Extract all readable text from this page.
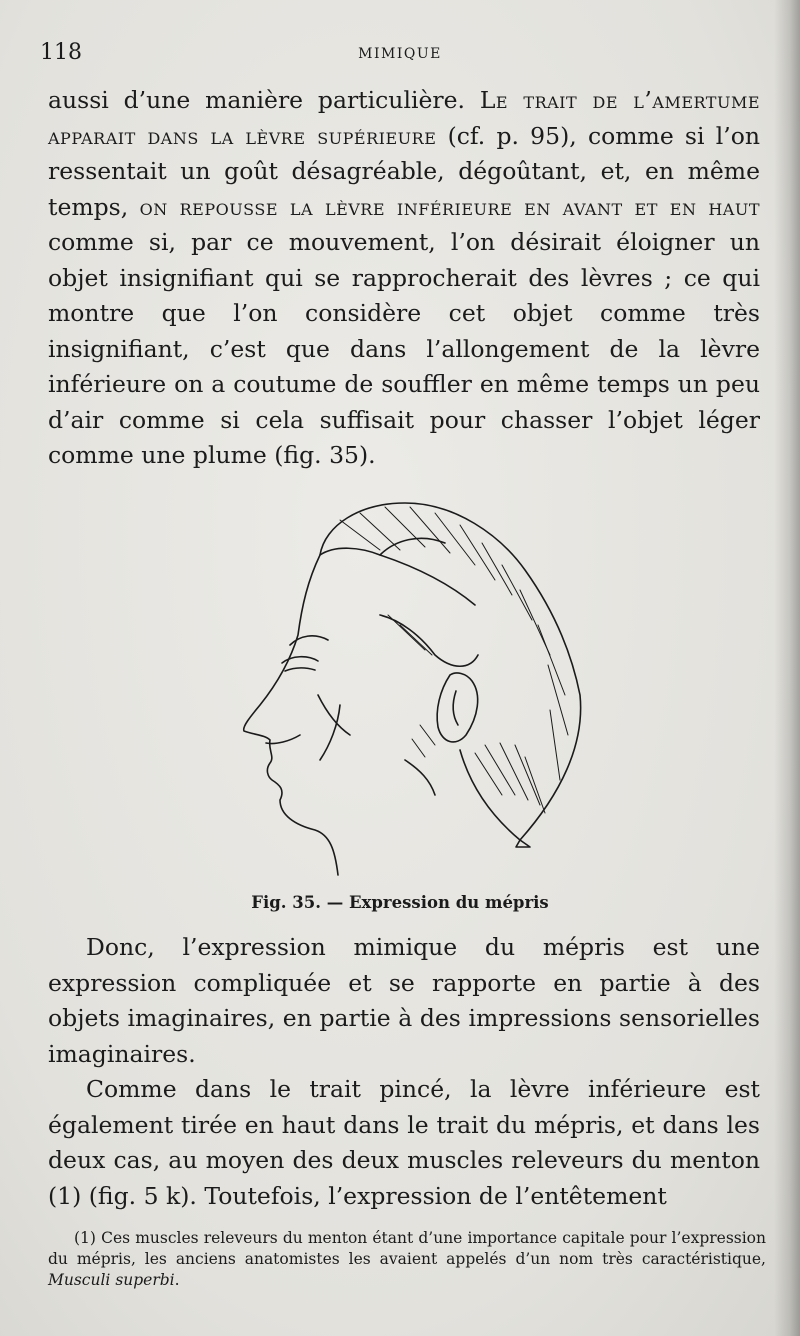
118	MIMIQUE

aussi d’une manière particulière. Le trait de l’amertume apparait dans la lèvre supérieure (cf. p. 95), comme si l’on ressentait un goût désagréable, dégoûtant, et, en même temps, on repousse la lèvre inférieure en avant et en haut comme si, par ce mouvement, l’on désirait éloigner un objet insignifiant qui se rapprocherait des lèvres ; ce qui montre que l’on considère cet objet comme très insignifiant, c’est que dans l’allongement de la lèvre inférieure on a coutume de souffler en même temps un peu d’air comme si cela suffisait pour chasser l’objet léger comme une plume (fig. 35).

Fig. 35. — Expression du mépris

Donc, l’expression mimique du mépris est une expression compliquée et se rapporte en partie à des objets imaginaires, en partie à des impressions sensorielles imaginaires.

Comme dans le trait pincé, la lèvre inférieure est également tirée en haut dans le trait du mépris, et dans les deux cas, au moyen des deux muscles releveurs du menton (1) (fig. 5 k). Toutefois, l’expression de l’entêtement

(1) Ces muscles releveurs du menton étant d’une importance capitale pour l’expression du mépris, les anciens anatomistes les avaient appelés d’un nom très caractéristique, Musculi superbi.
